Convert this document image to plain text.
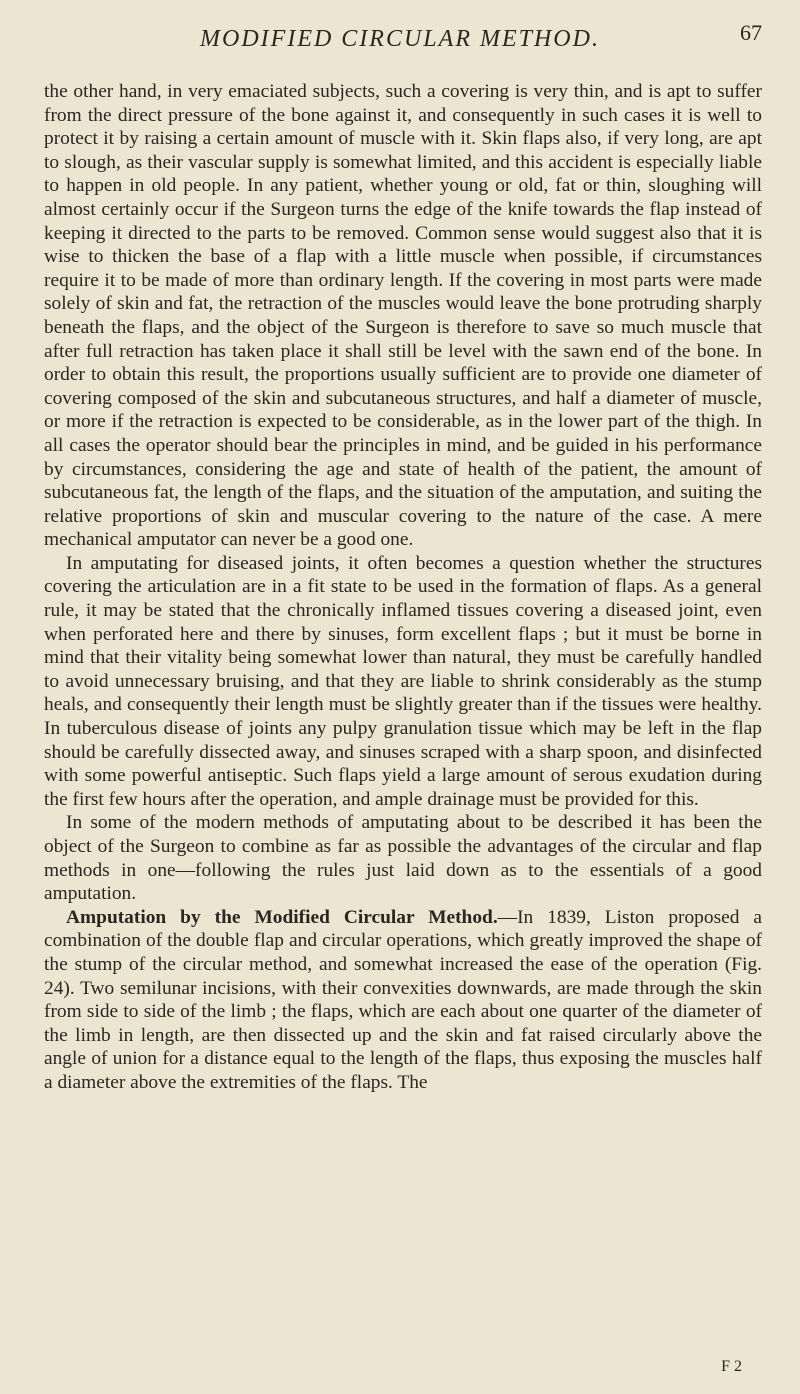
MODIFIED CIRCULAR METHOD.	67

the other hand, in very emaciated subjects, such a covering is very thin, and is apt to suffer from the direct pressure of the bone against it, and consequently in such cases it is well to protect it by raising a certain amount of muscle with it. Skin flaps also, if very long, are apt to slough, as their vascular supply is somewhat limited, and this accident is especially liable to happen in old people. In any patient, whether young or old, fat or thin, sloughing will almost certainly occur if the Surgeon turns the edge of the knife towards the flap instead of keeping it directed to the parts to be removed. Common sense would suggest also that it is wise to thicken the base of a flap with a little muscle when possible, if circumstances require it to be made of more than ordinary length. If the covering in most parts were made solely of skin and fat, the retraction of the muscles would leave the bone protruding sharply beneath the flaps, and the object of the Surgeon is therefore to save so much muscle that after full retraction has taken place it shall still be level with the sawn end of the bone. In order to obtain this result, the proportions usually sufficient are to provide one diameter of covering composed of the skin and subcutaneous structures, and half a diameter of muscle, or more if the retraction is expected to be considerable, as in the lower part of the thigh. In all cases the operator should bear the principles in mind, and be guided in his performance by circumstances, considering the age and state of health of the patient, the amount of subcutaneous fat, the length of the flaps, and the situation of the amputation, and suiting the relative proportions of skin and muscular covering to the nature of the case. A mere mechanical amputator can never be a good one.

In amputating for diseased joints, it often becomes a question whether the structures covering the articulation are in a fit state to be used in the formation of flaps. As a general rule, it may be stated that the chronically inflamed tissues covering a diseased joint, even when perforated here and there by sinuses, form excellent flaps ; but it must be borne in mind that their vitality being somewhat lower than natural, they must be carefully handled to avoid unnecessary bruising, and that they are liable to shrink considerably as the stump heals, and consequently their length must be slightly greater than if the tissues were healthy. In tuberculous disease of joints any pulpy granulation tissue which may be left in the flap should be carefully dissected away, and sinuses scraped with a sharp spoon, and disinfected with some powerful antiseptic. Such flaps yield a large amount of serous exudation during the first few hours after the operation, and ample drainage must be provided for this.

In some of the modern methods of amputating about to be described it has been the object of the Surgeon to combine as far as possible the advantages of the circular and flap methods in one—following the rules just laid down as to the essentials of a good amputation.

Amputation by the Modified Circular Method.—In 1839, Liston proposed a combination of the double flap and circular operations, which greatly improved the shape of the stump of the circular method, and somewhat increased the ease of the operation (Fig. 24). Two semilunar incisions, with their convexities downwards, are made through the skin from side to side of the limb ; the flaps, which are each about one quarter of the diameter of the limb in length, are then dissected up and the skin and fat raised circularly above the angle of union for a distance equal to the length of the flaps, thus exposing the muscles half a diameter above the extremities of the flaps. The

F 2
